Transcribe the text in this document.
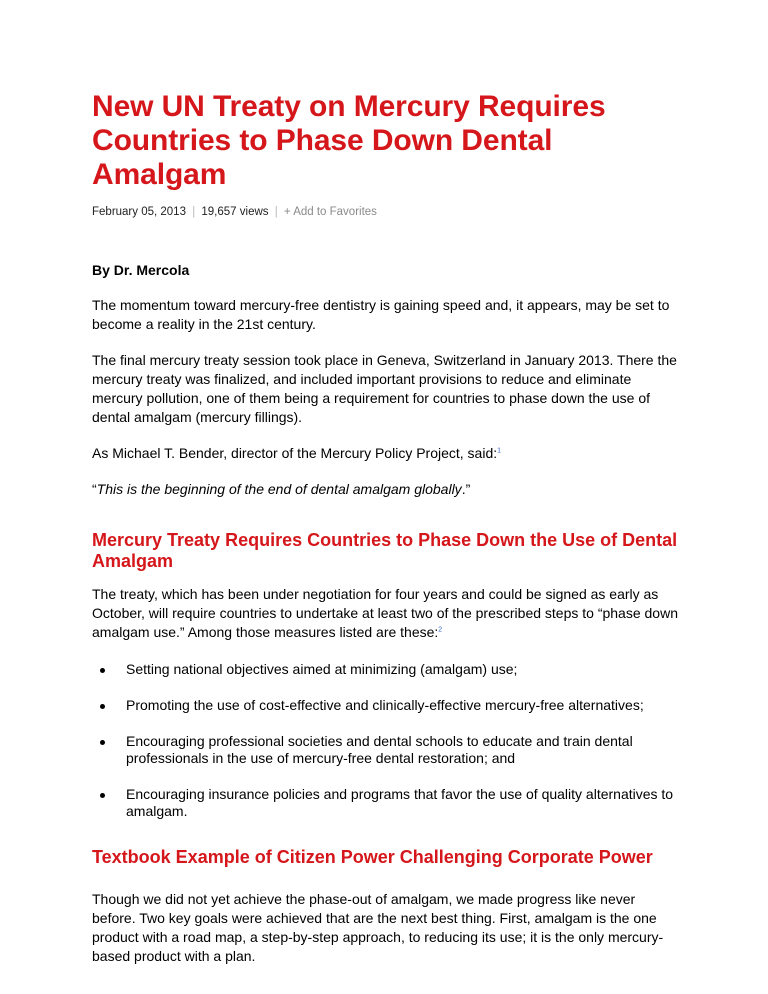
New UN Treaty on Mercury Requires
Countries to Phase Down Dental Amalgam
February 05, 2013 | 19,657 views | + Add to Favorites
By Dr. Mercola

The momentum toward mercury-free dentistry is gaining speed and, it appears, may be set to become a reality in the 21st century.

The final mercury treaty session took place in Geneva, Switzerland in January 2013. There the mercury treaty was finalized, and included important provisions to reduce and eliminate mercury pollution, one of them being a requirement for countries to phase down the use of dental amalgam (mercury fillings).

As Michael T. Bender, director of the Mercury Policy Project, said:$^1$

“This is the beginning of the end of dental amalgam globally.”

Mercury Treaty Requires Countries to Phase Down the Use of Dental Amalgam

The treaty, which has been under negotiation for four years and could be signed as early as October, will require countries to undertake at least two of the prescribed steps to “phase down amalgam use.” Among those measures listed are these:$^2$

Setting national objectives aimed at minimizing (amalgam) use;
Promoting the use of cost-effective and clinically-effective mercury-free alternatives;
Encouraging professional societies and dental schools to educate and train dental professionals in the use of mercury-free dental restoration; and
Encouraging insurance policies and programs that favor the use of quality alternatives to amalgam.
Textbook Example of Citizen Power Challenging Corporate Power

Though we did not yet achieve the phase-out of amalgam, we made progress like never before. Two key goals were achieved that are the next best thing. First, amalgam is the one product with a road map, a step-by-step approach, to reducing its use; it is the only mercury-based product with a plan.
